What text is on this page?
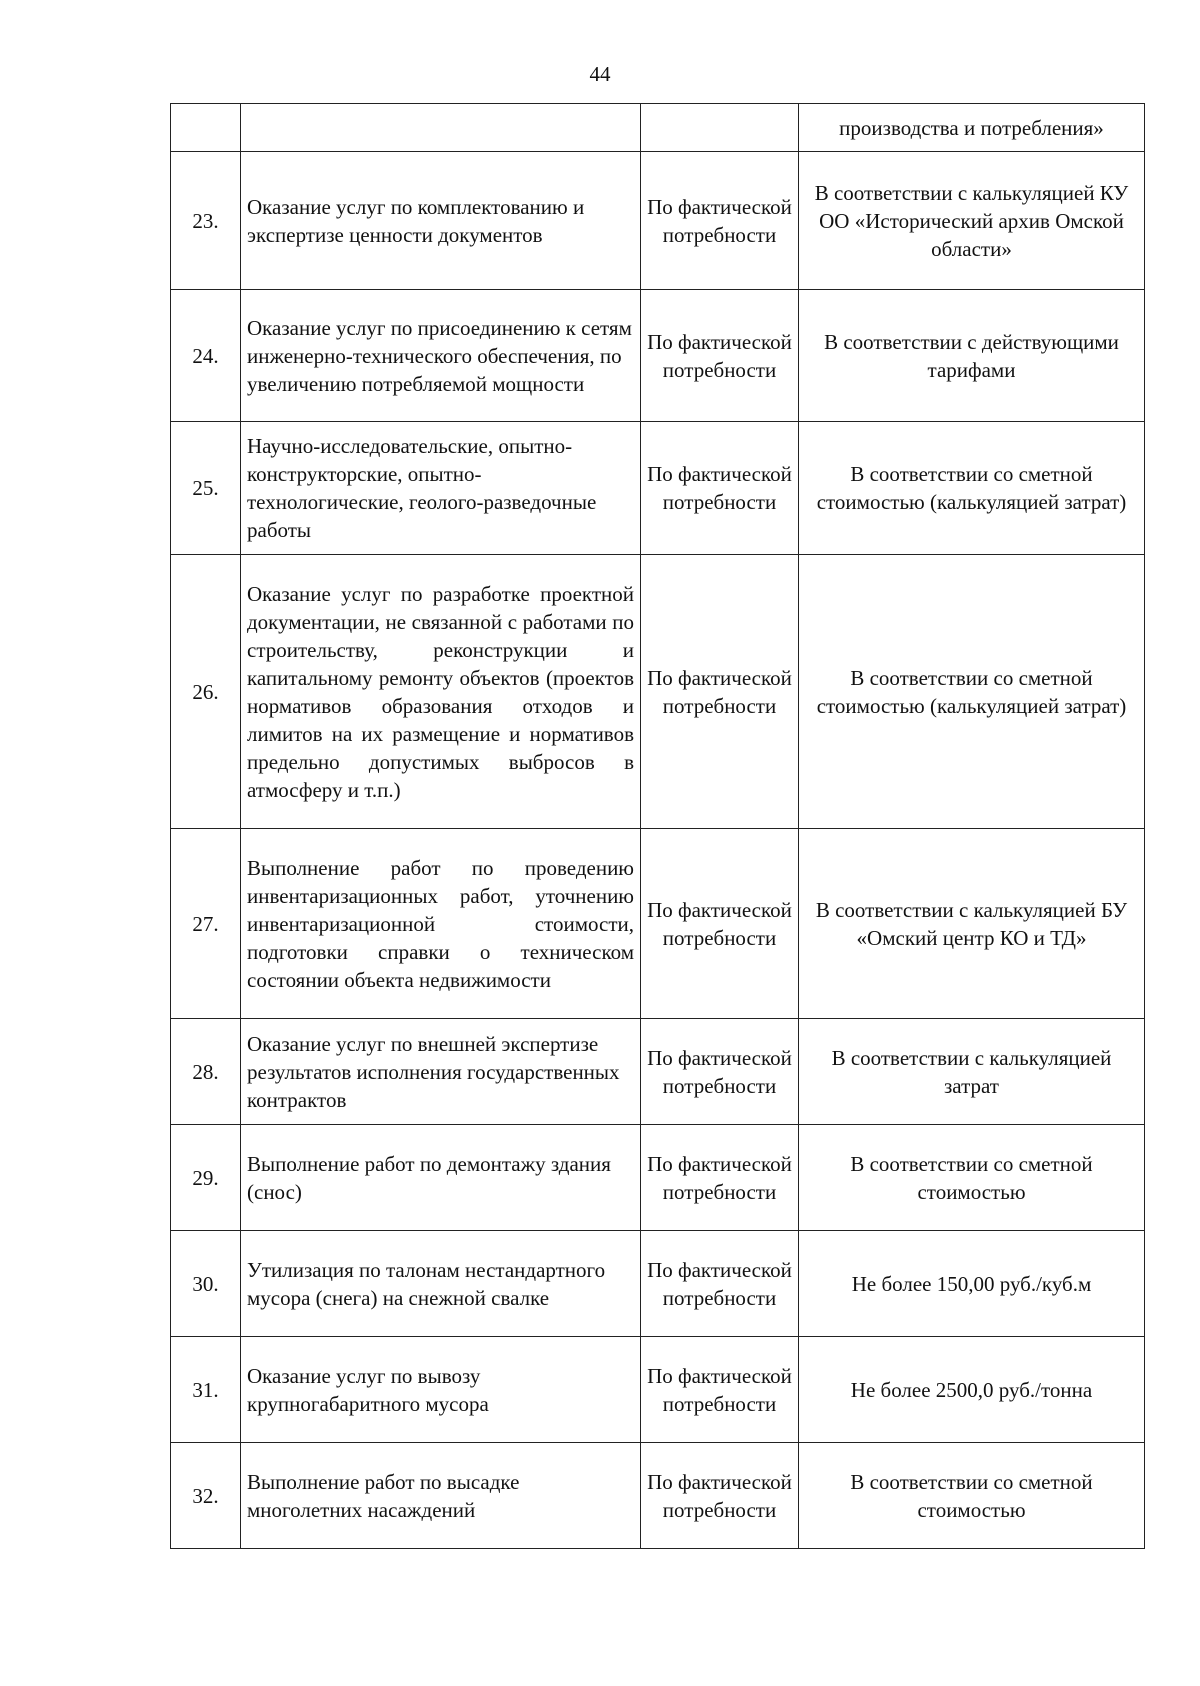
44
			производства и потребления»
23.	Оказание услуг по комплектованию и экспертизе ценности документов	По фактической потребности	В соответствии с калькуляцией КУ ОО «Исторический архив Омской области»
24.	Оказание услуг по присоединению к сетям инженерно-технического обеспечения, по увеличению потребляемой мощности	По фактической потребности	В соответствии с действующими тарифами
25.	Научно-исследовательские, опытно-конструкторские, опытно-технологические, геолого-разведочные работы	По фактической потребности	В соответствии со сметной стоимостью (калькуляцией затрат)
26.	Оказание услуг по разработке проектной документации, не связанной с работами по строительству, реконструкции и капитальному ремонту объектов (проектов нормативов образования отходов и лимитов на их размещение и нормативов предельно допустимых выбросов в атмосферу и т.п.)	По фактической потребности	В соответствии со сметной стоимостью (калькуляцией затрат)
27.	Выполнение работ по проведению инвентаризационных работ, уточнению инвентаризационной стоимости, подготовки справки о техническом состоянии объекта недвижимости	По фактической потребности	В соответствии с калькуляцией БУ «Омский центр КО и ТД»
28.	Оказание услуг по внешней экспертизе результатов исполнения государственных контрактов	По фактической потребности	В соответствии с калькуляцией затрат
29.	Выполнение работ по демонтажу здания (снос)	По фактической потребности	В соответствии со сметной стоимостью
30.	Утилизация по талонам нестандартного мусора (снега) на снежной свалке	По фактической потребности	Не более 150,00 руб./куб.м
31.	Оказание услуг по вывозу крупногабаритного мусора	По фактической потребности	Не более 2500,0 руб./тонна
32.	Выполнение работ по высадке многолетних насаждений	По фактической потребности	В соответствии со сметной стоимостью
